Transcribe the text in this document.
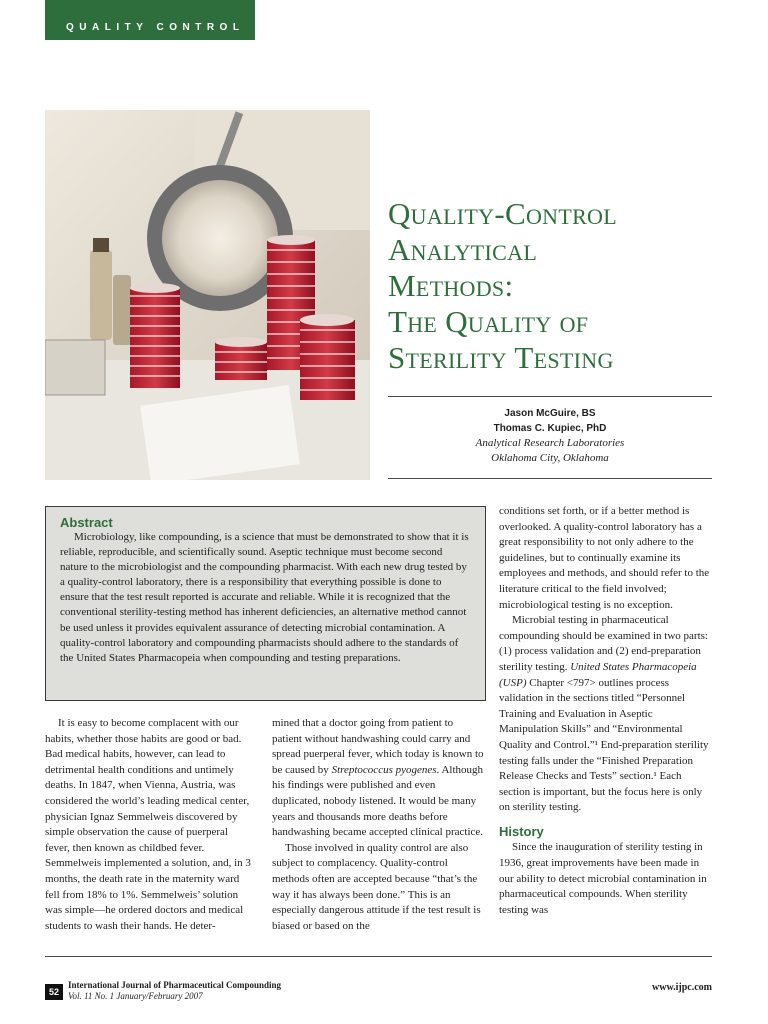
QUALITY CONTROL
Quality-Control
Analytical
Methods:
The Quality of
Sterility Testing
Jason McGuire, BS
Thomas C. Kupiec, PhD
Analytical Research Laboratories
Oklahoma City, Oklahoma
Abstract

Microbiology, like compounding, is a science that must be demonstrated to show that it is reliable, reproducible, and scientifically sound. Aseptic technique must become second nature to the microbiologist and the compounding pharmacist. With each new drug tested by a quality-control laboratory, there is a responsibility that everything possible is done to ensure that the test result reported is accurate and reliable. While it is recognized that the conventional sterility-testing method has inherent deficiencies, an alternative method cannot be used unless it provides equivalent assurance of detecting microbial contamination. A quality-control laboratory and compounding pharmacists should adhere to the standards of the United States Pharmacopeia when compounding and testing preparations.

It is easy to become complacent with our habits, whether those habits are good or bad. Bad medical habits, however, can lead to detrimental health conditions and untimely deaths. In 1847, when Vienna, Austria, was considered the world’s leading medical center, physician Ignaz Semmelweis discovered by simple observation the cause of puerperal fever, then known as childbed fever. Semmelweis implemented a solution, and, in 3 months, the death rate in the maternity ward fell from 18% to 1%. Semmelweis’ solution was simple—he ordered doctors and medical students to wash their hands. He deter-

mined that a doctor going from patient to patient without handwashing could carry and spread puerperal fever, which today is known to be caused by Streptococcus pyogenes. Although his findings were published and even duplicated, nobody listened. It would be many years and thousands more deaths before handwashing became accepted clinical practice.

Those involved in quality control are also subject to complacency. Quality-control methods often are accepted because “that’s the way it has always been done.” This is an especially dangerous attitude if the test result is biased or based on the

conditions set forth, or if a better method is overlooked. A quality-control laboratory has a great responsibility to not only adhere to the guidelines, but to continually examine its employees and methods, and should refer to the literature critical to the field involved; microbiological testing is no exception.

Microbial testing in pharmaceutical compounding should be examined in two parts: (1) process validation and (2) end-preparation sterility testing. United States Pharmacopeia (USP) Chapter <797> outlines process validation in the sections titled “Personnel Training and Evaluation in Aseptic Manipulation Skills” and “Environmental Quality and Control.”¹ End-preparation sterility testing falls under the “Finished Preparation Release Checks and Tests” section.¹ Each section is important, but the focus here is only on sterility testing.

History

Since the inauguration of sterility testing in 1936, great improvements have been made in our ability to detect microbial contamination in pharmaceutical compounds. When sterility testing was

52
International Journal of Pharmaceutical Compounding
Vol. 11 No. 1 January/February 2007
www.ijpc.com
